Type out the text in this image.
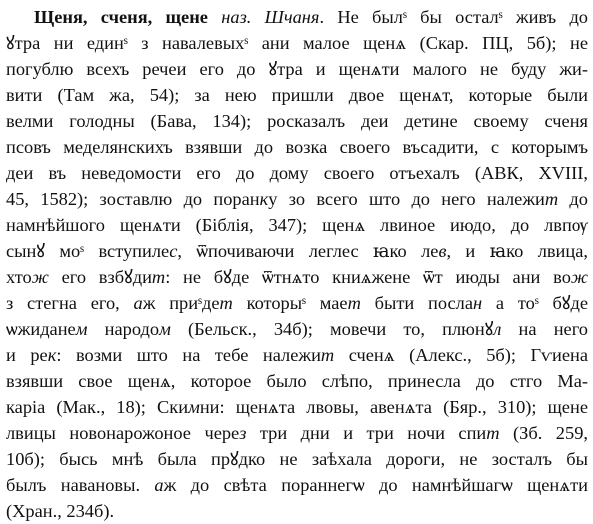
Щеня, сченя, щене наз. Шчаня. Не былˢ бы осталˢ живъ до
ꙋтра ни единˢ з навалевыхˢ ани малое щенѧ (Скар. ПЦ, 5б); не
погублю всехъ речеи его до ꙋтра и щенѧти малого не буду жи-
вити (Там жа, 54); за нею пришли двое щенѧт, которые были
велми голодны (Бава, 134); росказалъ деи детине своему сченя
псовъ меделянскихъ взявши до возка своего въсадити, с которымъ
деи въ неведомости его до дому своего отъехалъ (АВК, XVIII,
45, 1582); зоставлю до поранку зо всего што до него належит до
намнѣйшого щенѧти (Біблія, 347); щенѧ лвиное июдо, до лвпѹ
сынꙋ моˢ вступилес, ѿпочиваючи леглес ꙗко лев, и ꙗко лвица,
хтож его взбꙋдит: не бꙋде ѿтнѧто книѧжене ѿт июды ани вож
з стегна его, аж приˢдет которыˢ мает быти послан а тоˢ бꙋде
ѡжиданем народом (Бельск., 34б); мовечи то, плюнꙋл на него
и рек: возми што на тебе належит сченѧ (Алекс., 5б); Гѵиена
взявши свое щенѧ, которое было слѣпо, принесла до стго Ма-
каріа (Мак., 18); Скимни: щенѧта лвовы, авенѧта (Бяр., 310); щене
лвицы новонарожоное через три дни и три ночи спит (Зб. 259,
10б); бысь мнѣ была прꙋдко не заѣхала дороги, не зосталъ бы
былъ навановы. аж до свѣта пораннегѡ до намнѣйшагѡ щенѧти
(Хран., 234б).
